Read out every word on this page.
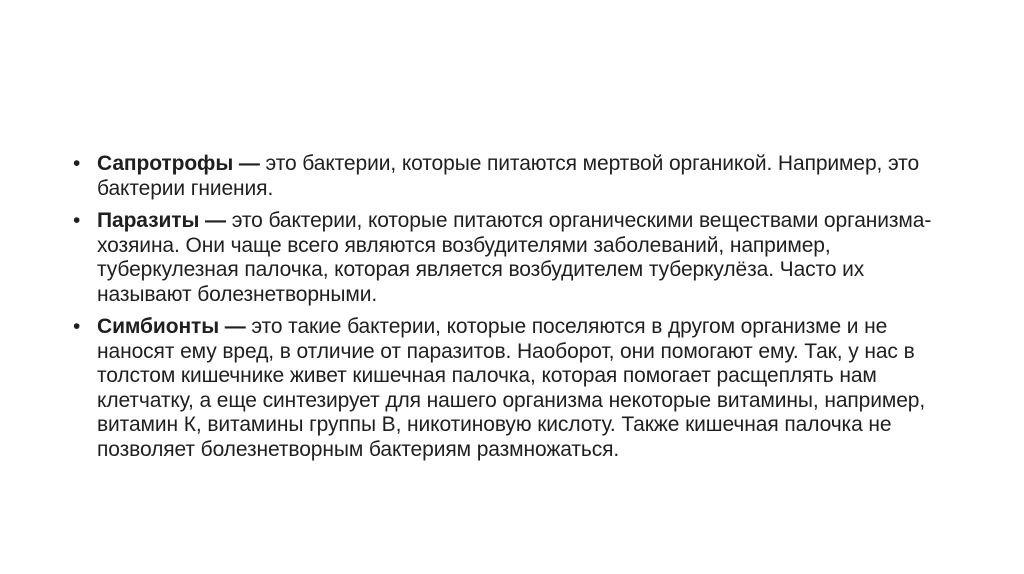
• Сапротрофы — это бактерии, которые питаются мертвой органикой. Например, это бактерии гниения.
• Паразиты — это бактерии, которые питаются органическими веществами организма-хозяина. Они чаще всего являются возбудителями заболеваний, например, туберкулезная палочка, которая является возбудителем туберкулёза. Часто их называют болезнетворными.
• Симбионты — это такие бактерии, которые поселяются в другом организме и не наносят ему вред, в отличие от паразитов. Наоборот, они помогают ему. Так, у нас в толстом кишечнике живет кишечная палочка, которая помогает расщеплять нам клетчатку, а еще синтезирует для нашего организма некоторые витамины, например, витамин К, витамины группы В, никотиновую кислоту. Также кишечная палочка не позволяет болезнетворным бактериям размножаться.
